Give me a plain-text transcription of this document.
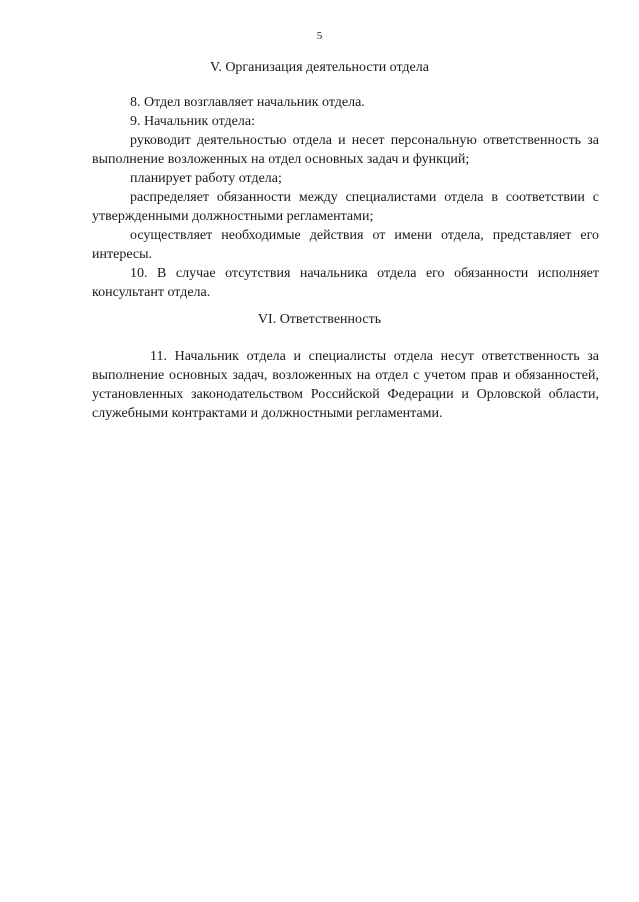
5
V. Организация деятельности отдела
8. Отдел возглавляет начальник отдела.
9. Начальник отдела:
руководит деятельностью отдела и несет персональную ответственность за выполнение возложенных на отдел основных задач и функций;
планирует работу отдела;
распределяет обязанности между специалистами отдела в соответствии с утвержденными должностными регламентами;
осуществляет необходимые действия от имени отдела, представляет его интересы.
10. В случае отсутствия начальника отдела его обязанности исполняет консультант отдела.
VI. Ответственность
11. Начальник отдела и специалисты отдела несут ответственность за выполнение основных задач, возложенных на отдел с учетом прав и обязанностей, установленных законодательством Российской Федерации и Орловской области, служебными контрактами и должностными регламентами.
